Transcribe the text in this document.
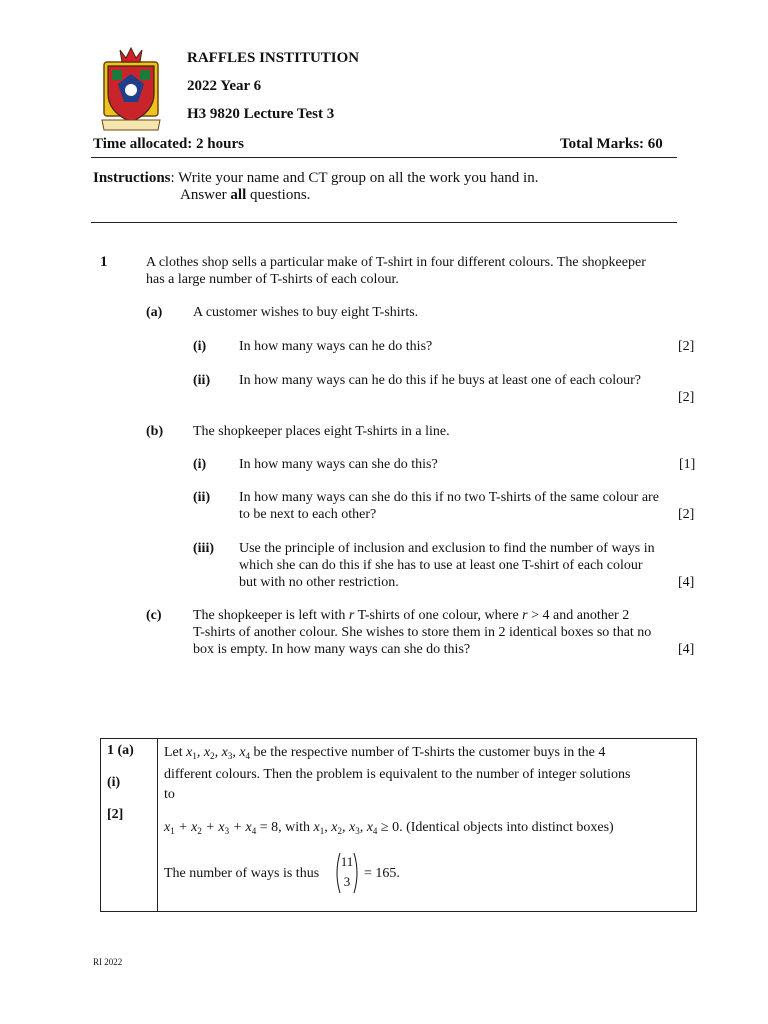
RAFFLES INSTITUTION
2022 Year 6
H3 9820 Lecture Test 3
Time allocated: 2 hours	Total Marks: 60
Instructions: Write your name and CT group on all the work you hand in.
Answer all questions.
1	A clothes shop sells a particular make of T-shirt in four different colours. The shopkeeper
has a large number of T-shirts of each colour.
(a) A customer wishes to buy eight T-shirts.
(i) In how many ways can he do this?	[2]
(ii) In how many ways can he do this if he buys at least one of each colour?
[2]
(b) The shopkeeper places eight T-shirts in a line.
(i) In how many ways can she do this?	[1]
(ii) In how many ways can she do this if no two T-shirts of the same colour are
to be next to each other?	[2]
(iii) Use the principle of inclusion and exclusion to find the number of ways in
which she can do this if she has to use at least one T-shirt of each colour
but with no other restriction.	[4]
(c) The shopkeeper is left with r T-shirts of one colour, where r > 4 and another 2
T-shirts of another colour. She wishes to store them in 2 identical boxes so that no
box is empty. In how many ways can she do this?	[4]
1 (a)
(i)
[2]

Let $x_1$, $x_2$, $x_3$, $x_4$ be the respective number of T-shirts the customer buys in the 4
different colours. Then the problem is equivalent to the number of integer solutions
to
$x_1 + x_2 + x_3 + x_4 = 8$, with $x_1$, $x_2$, $x_3$, $x_4 \ge 0$. (Identical objects into distinct boxes)
The number of ways is thus
11
3
= 165.
RI 2022
